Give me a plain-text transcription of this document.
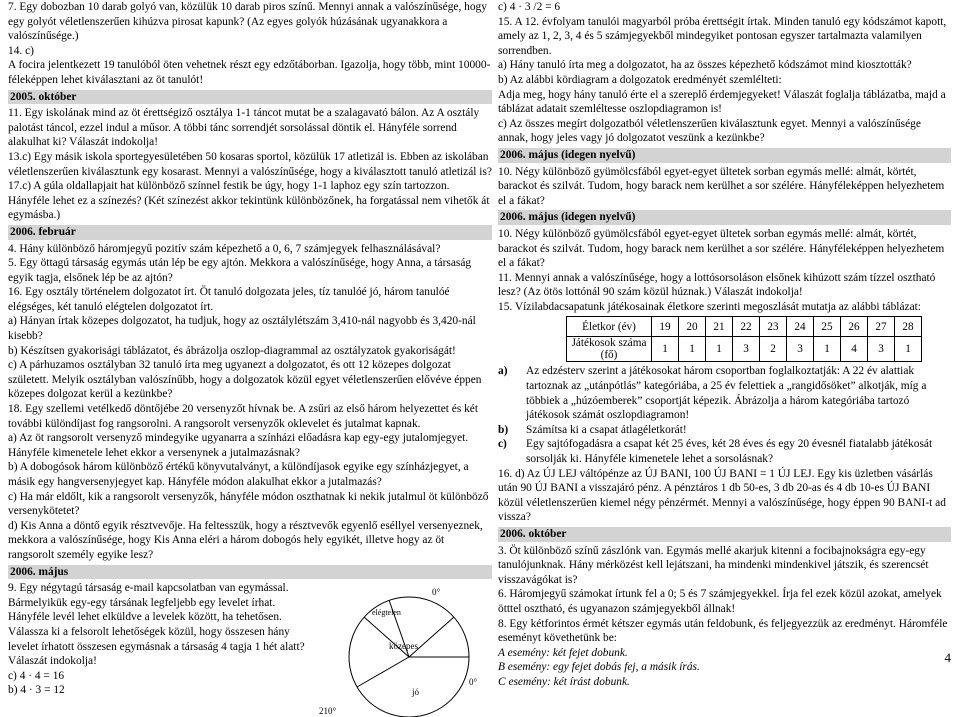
7. Egy dobozban 10 darab golyó van, közülük 10 darab piros színű. Mennyi annak a valószínűsége, hogy egy golyót véletlenszerűen kihúzva pirosat kapunk? (Az egyes golyók húzásának ugyanakkora a valószínűsége.)

14. c)

A focira jelentkezett 19 tanulóból öten vehetnek részt egy edzőtáborban. Igazolja, hogy több, mint 10000-féleképpen lehet kiválasztani az öt tanulót!

2005. október

11. Egy iskolának mind az öt érettségiző osztálya 1-1 táncot mutat be a szalagavató bálon. Az A osztály palotást táncol, ezzel indul a műsor. A többi tánc sorrendjét sorsolással döntik el. Hányféle sorrend alakulhat ki? Válaszát indokolja!

13.c) Egy másik iskola sportegyesületében 50 kosaras sportol, közülük 17 atletizál is. Ebben az iskolában véletlenszerűen kiválasztunk egy kosarast. Mennyi a valószínűsége, hogy a kiválasztott tanuló atletizál is?

17.c) A gúla oldallapjait hat különböző színnel festik be úgy, hogy 1-1 laphoz egy szín tartozzon. Hányféle lehet ez a színezés? (Két színezést akkor tekintünk különbözőnek, ha forgatással nem vihetők át egymásba.)

2006. február

4. Hány különböző háromjegyű pozitív szám képezhető a 0, 6, 7 számjegyek felhasználásával?

5. Egy öttagú társaság egymás után lép be egy ajtón. Mekkora a valószínűsége, hogy Anna, a társaság egyik tagja, elsőnek lép be az ajtón?

16. Egy osztály történelem dolgozatot írt. Öt tanuló dolgozata jeles, tíz tanulóé jó, három tanulóé elégséges, két tanuló elégtelen dolgozatot írt.

a) Hányan írtak közepes dolgozatot, ha tudjuk, hogy az osztálylétszám 3,410-nál nagyobb és 3,420-nál kisebb?

b) Készítsen gyakorisági táblázatot, és ábrázolja oszlop-diagrammal az osztályzatok gyakoriságát!

c) A párhuzamos osztályban 32 tanuló írta meg ugyanezt a dolgozatot, és ott 12 közepes dolgozat született. Melyik osztályban valószínűbb, hogy a dolgozatok közül egyet véletlenszerűen elővéve éppen közepes dolgozat kerül a kezünkbe?

18. Egy szellemi vetélkedő döntőjébe 20 versenyzőt hívnak be. A zsűri az első három helyezettet és két további különdíjast fog rangsorolni. A rangsorolt versenyzők oklevelet és jutalmat kapnak.

a) Az öt rangsorolt versenyző mindegyike ugyanarra a színházi előadásra kap egy-egy jutalomjegyet. Hányféle kimenetele lehet ekkor a versenynek a jutalmazásnak?

b) A dobogósok három különböző értékű könyvutalványt, a különdíjasok egyike egy színházjegyet, a másik egy hangversenyjegyet kap. Hányféle módon alakulhat ekkor a jutalmazás?

c) Ha már eldőlt, kik a rangsorolt versenyzők, hányféle módon oszthatnak ki nekik jutalmul öt különböző versenykötetet?

d) Kis Anna a döntő egyik résztvevője. Ha feltesszük, hogy a résztvevők egyenlő eséllyel versenyeznek, mekkora a valószínűsége, hogy Kis Anna eléri a három dobogós hely egyikét, illetve hogy az öt rangsorolt személy egyike lesz?

2006. május

9. Egy négytagú társaság e-mail kapcsolatban van egymással. Bármelyikük egy-egy társának legfeljebb egy levelet írhat. Hányféle levél lehet elküldve a levelek között, ha tehetősen. Válassza ki a felsorolt lehetőségek közül, hogy összesen hány levelet írhatott összesen egymásnak a társaság 4 tagja 1 hét alatt? Válaszát indokolja!

c) 4 · 4 = 16

b) 4 · 3 = 12

0°
0°
210°
elégtelen
közepes
jó

c) 4 · 3 /2 = 6

15. A 12. évfolyam tanulói magyarból próba érettségit írtak. Minden tanuló egy kódszámot kapott, amely az 1, 2, 3, 4 és 5 számjegyekből mindegyiket pontosan egyszer tartalmazta valamilyen sorrendben.

a) Hány tanuló írta meg a dolgozatot, ha az összes képezhető kódszámot mind kiosztották?

b) Az alábbi kördiagram a dolgozatok eredményét szemlélteti:

Adja meg, hogy hány tanuló érte el a szereplő érdemjegyeket! Válaszát foglalja táblázatba, majd a táblázat adatait szemléltesse oszlopdiagramon is!

c) Az összes megírt dolgozatból véletlenszerűen kiválasztunk egyet. Mennyi a valószínűsége annak, hogy jeles vagy jó dolgozatot veszünk a kezünkbe?

2006. május (idegen nyelvű)

10. Négy különböző gyümölcsfából egyet-egyet ültetek sorban egymás mellé: almát, körtét, barackot és szilvát. Tudom, hogy barack nem kerülhet a sor szélére. Hányféleképpen helyezhetem el a fákat?

2006. május (idegen nyelvű)

10. Négy különböző gyümölcsfából egyet-egyet ültetek sorban egymás mellé: almát, körtét, barackot és szilvát. Tudom, hogy barack nem kerülhet a sor szélére. Hányféleképpen helyezhetem el a fákat?

11. Mennyi annak a valószínűsége, hogy a lottósorsoláson elsőnek kihúzott szám tízzel osztható lesz? (Az ötös lottónál 90 szám közül húznak.) Válaszát indokolja!

15. Vízilabdacsapatunk játékosainak életkore szerinti megoszlását mutatja az alábbi táblázat:

Életkor (év)	19	20	21	22	23	24	25	26	27	28
Játékosok száma (fő)	1	1	1	3	2	3	1	4	3	1
a)	Az edzésterv szerint a játékosokat három csoportban foglalkoztatják: A 22 év alattiak tartoznak az „utánpótlás” kategóriába, a 25 év felettiek a „rangidősöket” alkotják, míg a többiek a „húzóemberek” csoportját képezik. Ábrázolja a három kategóriába tartozó játékosok számát oszlopdiagramon!
b)	Számítsa ki a csapat átlagéletkorát!
c)	Egy sajtófogadásra a csapat két 25 éves, két 28 éves és egy 20 évesnél fiatalabb játékosát sorsolják ki. Hányféle kimenetele lehet a sorsolásnak?

16. d) Az ÚJ LEJ váltópénze az ÚJ BANI, 100 ÚJ BANI = 1 ÚJ LEJ. Egy kis üzletben vásárlás után 90 ÚJ BANI a visszajáró pénz. A pénztáros 1 db 50-es, 3 db 20-as és 4 db 10-es ÚJ BANI közül véletlenszerűen kiemel négy pénzérmét. Mennyi a valószínűsége, hogy éppen 90 BANI-t ad vissza?

2006. október

3. Öt különböző színű zászlónk van. Egymás mellé akarjuk kitenni a focibajnokságra egy-egy tanulójunknak. Hány mérközést kell lejátszani, ha mindenki mindenkivel játszik, és szerencsét visszavágókat is?

6. Háromjegyű számokat írtunk fel a 0; 5 és 7 számjegyekkel. Írja fel ezek közül azokat, amelyek ötttel osztható, és ugyanazon számjegyekből állnak!

8. Egy kétforintos érmét kétszer egymás után feldobunk, és feljegyezzük az eredményt. Háromféle eseményt követhetünk be:

A esemény: két fejet dobunk.

B esemény: egy fejet dobás fej, a másik írás.

C esemény: két írást dobunk.

4
